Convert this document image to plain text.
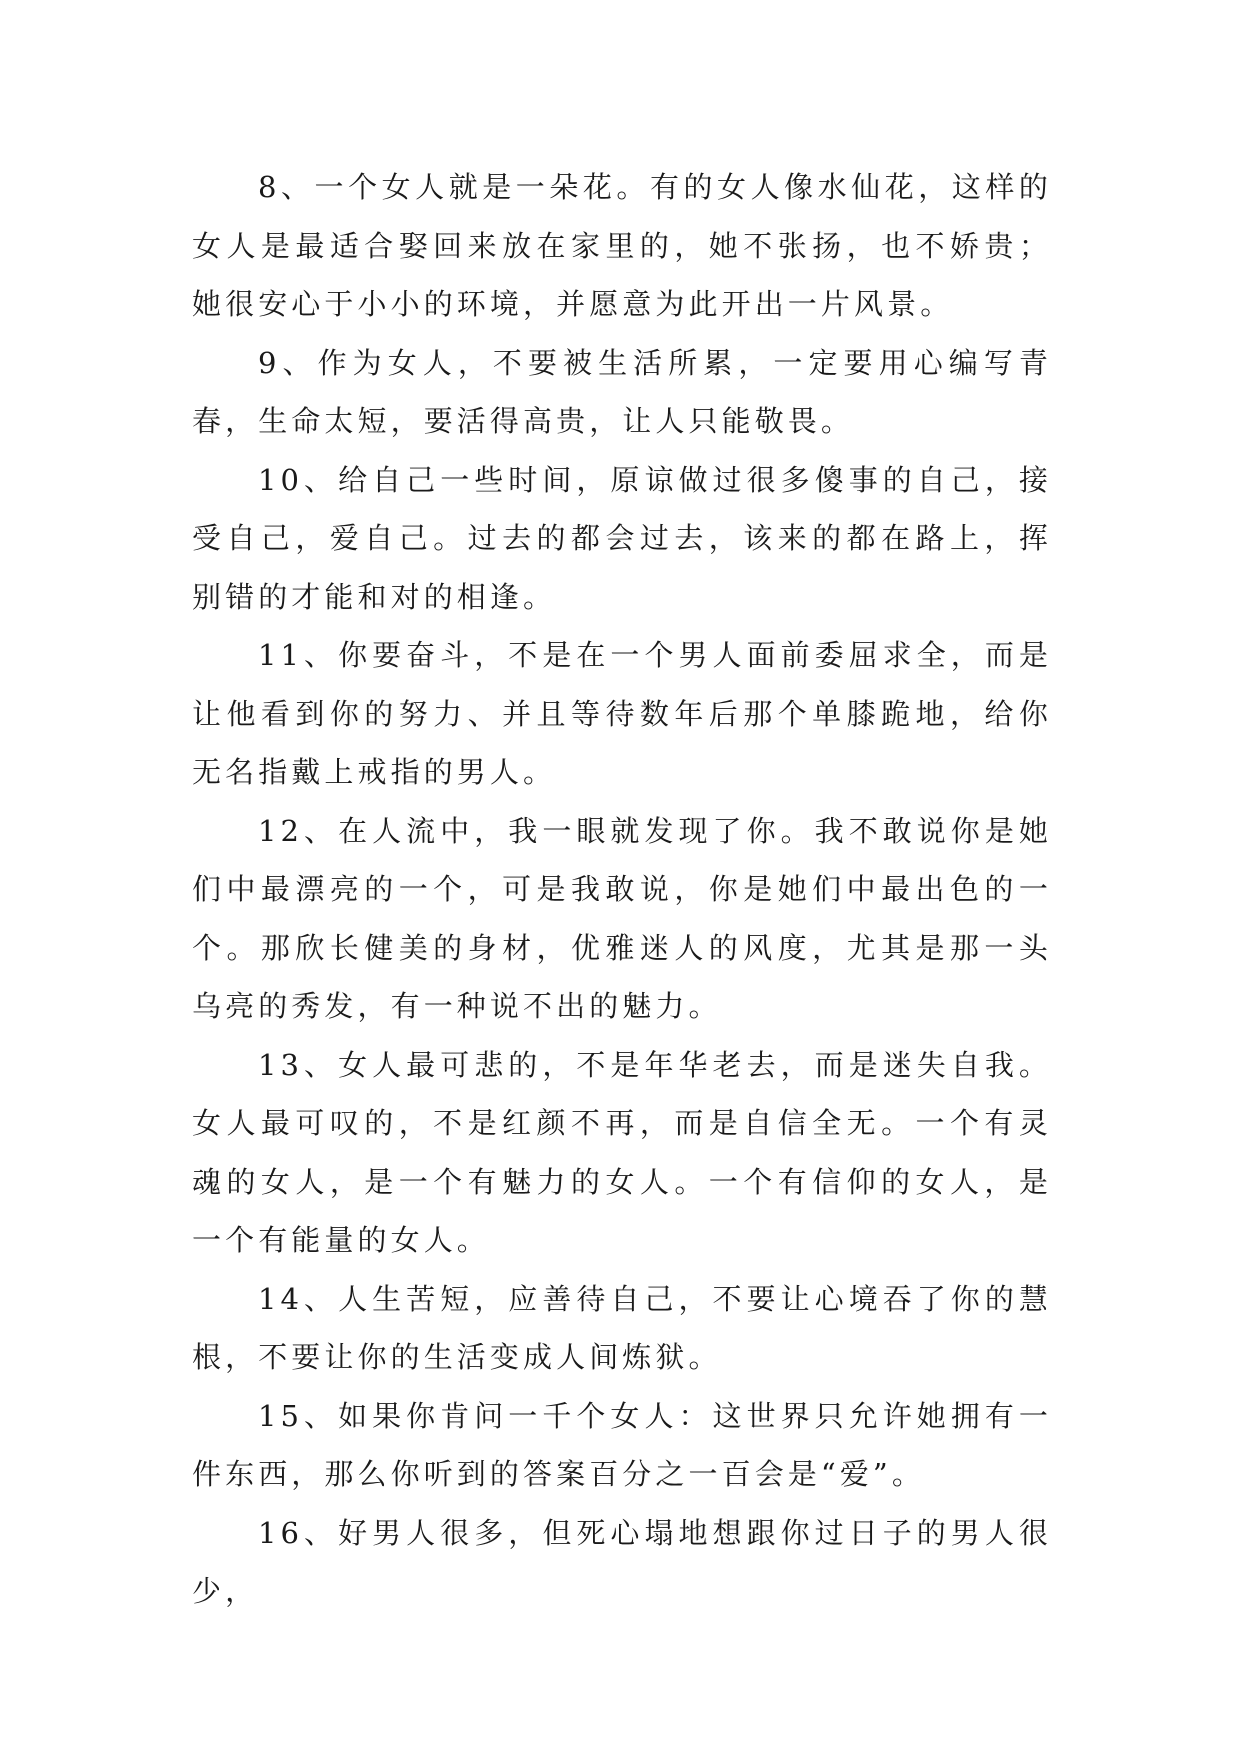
8、一个女人就是一朵花。有的女人像水仙花，这样的女人是最适合娶回来放在家里的，她不张扬，也不娇贵；她很安心于小小的环境，并愿意为此开出一片风景。

9、作为女人，不要被生活所累，一定要用心编写青春，生命太短，要活得高贵，让人只能敬畏。

10、给自己一些时间，原谅做过很多傻事的自己，接受自己，爱自己。过去的都会过去，该来的都在路上，挥别错的才能和对的相逢。

11、你要奋斗，不是在一个男人面前委屈求全，而是让他看到你的努力、并且等待数年后那个单膝跪地，给你无名指戴上戒指的男人。

12、在人流中，我一眼就发现了你。我不敢说你是她们中最漂亮的一个，可是我敢说，你是她们中最出色的一个。那欣长健美的身材，优雅迷人的风度，尤其是那一头乌亮的秀发，有一种说不出的魅力。

13、女人最可悲的，不是年华老去，而是迷失自我。女人最可叹的，不是红颜不再，而是自信全无。一个有灵魂的女人，是一个有魅力的女人。一个有信仰的女人，是一个有能量的女人。

14、人生苦短，应善待自己，不要让心境吞了你的慧根，不要让你的生活变成人间炼狱。

15、如果你肯问一千个女人：这世界只允许她拥有一件东西，那么你听到的答案百分之一百会是“爱”。

16、好男人很多，但死心塌地想跟你过日子的男人很少，
